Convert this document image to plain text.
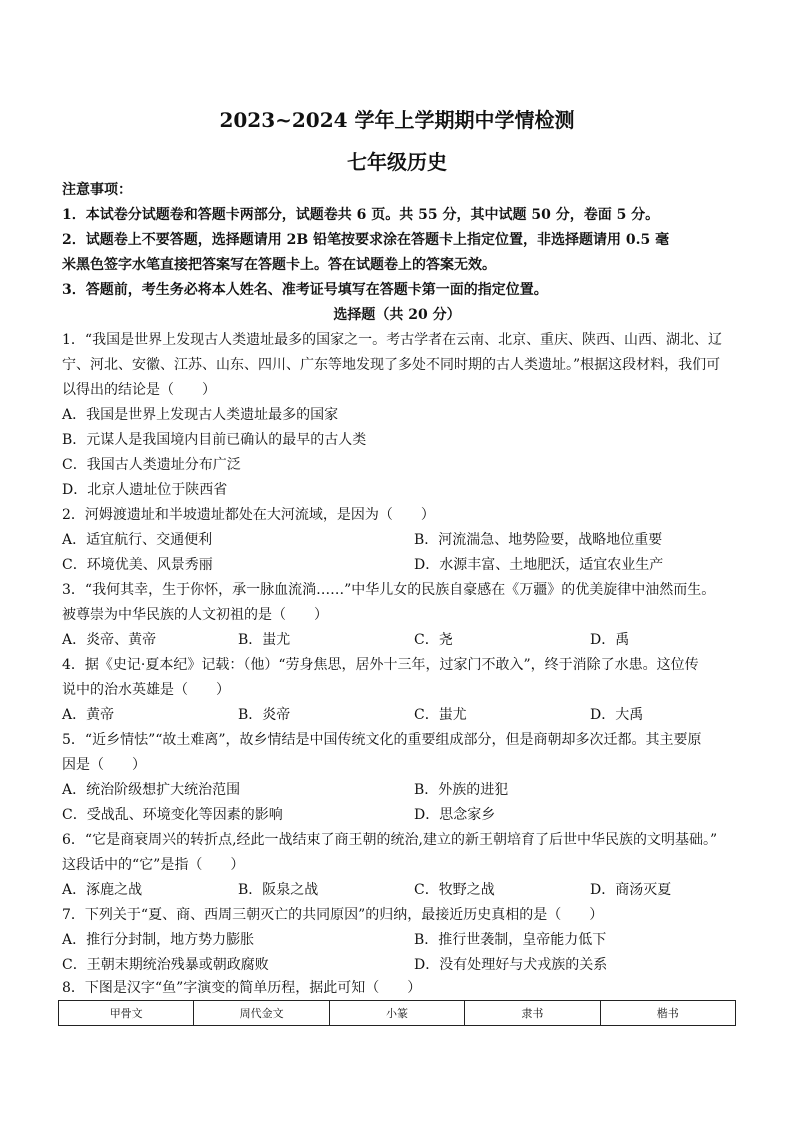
2023~2024 学年上学期期中学情检测
七年级历史
注意事项：
1．本试卷分试题卷和答题卡两部分，试题卷共 6 页。共 55 分，其中试题 50 分，卷面 5 分。
2．试题卷上不要答题，选择题请用 2B 铅笔按要求涂在答题卡上指定位置，非选择题请用 0.5 毫
米黑色签字水笔直接把答案写在答题卡上。答在试题卷上的答案无效。
3．答题前，考生务必将本人姓名、准考证号填写在答题卡第一面的指定位置。
选择题（共 20 分）
1．“我国是世界上发现古人类遗址最多的国家之一。考古学者在云南、北京、重庆、陕西、山西、湖北、辽
宁、河北、安徽、江苏、山东、四川、广东等地发现了多处不同时期的古人类遗址。”根据这段材料，我们可
以得出的结论是（　　）
A．我国是世界上发现古人类遗址最多的国家
B．元谋人是我国境内目前已确认的最早的古人类
C．我国古人类遗址分布广泛
D．北京人遗址位于陕西省
2．河姆渡遗址和半坡遗址都处在大河流域，是因为（　　）
A．适宜航行、交通便利	B．河流湍急、地势险要，战略地位重要
C．环境优美、风景秀丽	D．水源丰富、土地肥沃，适宜农业生产
3．“我何其幸，生于你怀，承一脉血流淌……”中华儿女的民族自豪感在《万疆》的优美旋律中油然而生。
被尊崇为中华民族的人文初祖的是（　　）
A．炎帝、黄帝	B．蚩尤	C．尧	D．禹
4．据《史记·夏本纪》记载：（他）“劳身焦思，居外十三年，过家门不敢入”，终于消除了水患。这位传
说中的治水英雄是（　　）
A．黄帝	B．炎帝	C．蚩尤	D．大禹
5．“近乡情怯”“故土难离”，故乡情结是中国传统文化的重要组成部分，但是商朝却多次迁都。其主要原
因是（　　）
A．统治阶级想扩大统治范围	B．外族的进犯
C．受战乱、环境变化等因素的影响	D．思念家乡
6．“它是商衰周兴的转折点,经此一战结束了商王朝的统治,建立的新王朝培育了后世中华民族的文明基础。”
这段话中的“它”是指（　　）
A．涿鹿之战	B．阪泉之战	C．牧野之战	D．商汤灭夏
7．下列关于“夏、商、西周三朝灭亡的共同原因”的归纳，最接近历史真相的是（　　）
A．推行分封制，地方势力膨胀	B．推行世袭制，皇帝能力低下
C．王朝末期统治残暴或朝政腐败	D．没有处理好与犬戎族的关系
8．下图是汉字“鱼”字演变的简单历程，据此可知（　　）
甲骨文	周代金文	小篆	隶书	楷书
